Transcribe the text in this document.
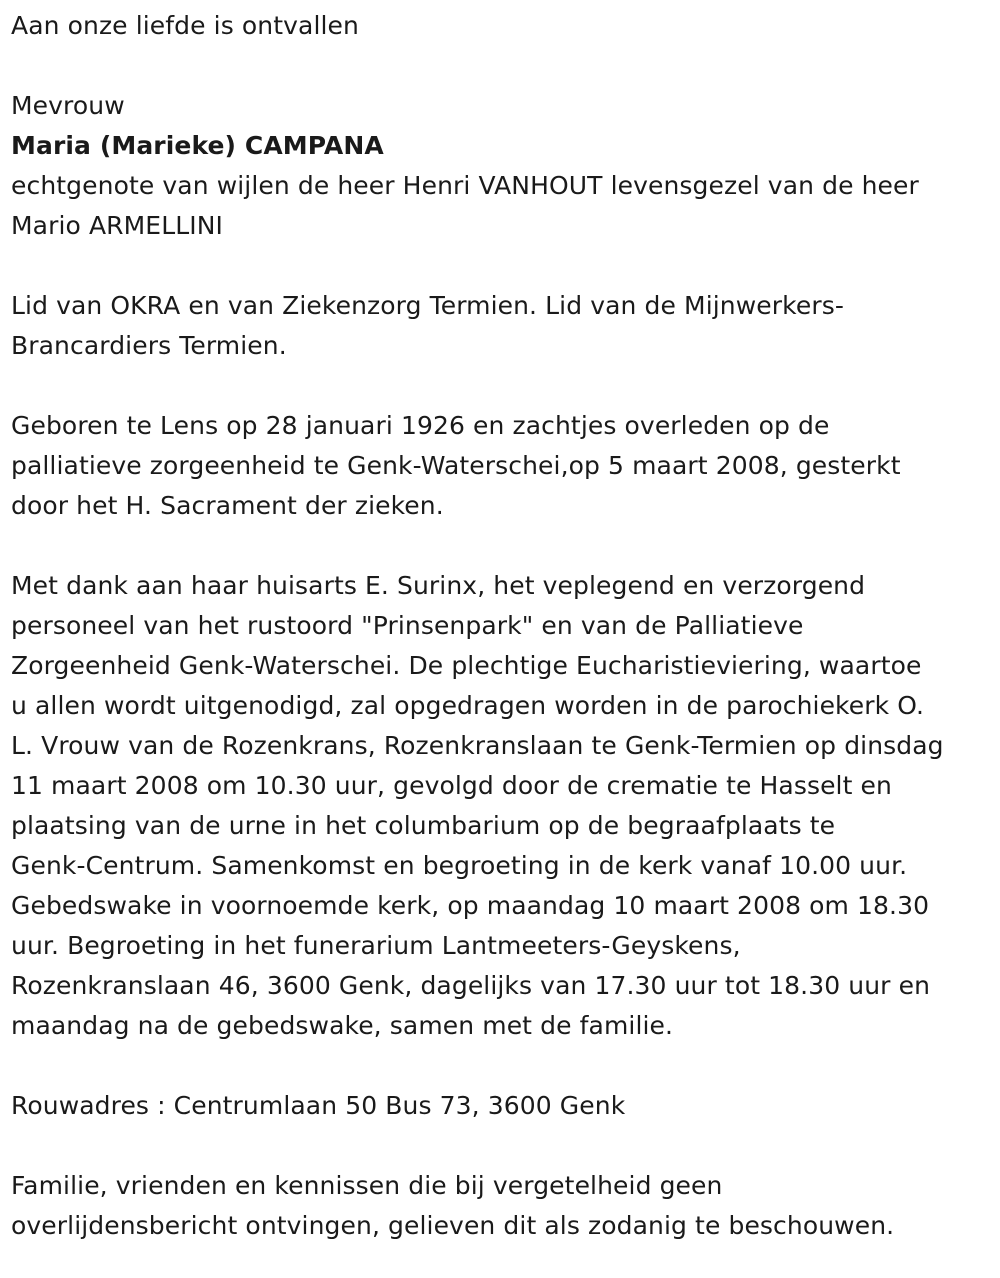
Aan onze liefde is ontvallen

Mevrouw

Maria (Marieke) CAMPANA

echtgenote van wijlen de heer Henri VANHOUT levensgezel van de heer
Mario ARMELLINI

Lid van OKRA en van Ziekenzorg Termien. Lid van de Mijnwerkers-
Brancardiers Termien.

Geboren te Lens op 28 januari 1926 en zachtjes overleden op de
palliatieve zorgeenheid te Genk-Waterschei,op 5 maart 2008, gesterkt
door het H. Sacrament der zieken.

Met dank aan haar huisarts E. Surinx, het veplegend en verzorgend
personeel van het rustoord "Prinsenpark" en van de Palliatieve
Zorgeenheid Genk-Waterschei. De plechtige Eucharistieviering, waartoe
u allen wordt uitgenodigd, zal opgedragen worden in de parochiekerk O.
L. Vrouw van de Rozenkrans, Rozenkranslaan te Genk-Termien op dinsdag
11 maart 2008 om 10.30 uur, gevolgd door de crematie te Hasselt en
plaatsing van de urne in het columbarium op de begraafplaats te
Genk-Centrum. Samenkomst en begroeting in de kerk vanaf 10.00 uur.
Gebedswake in voornoemde kerk, op maandag 10 maart 2008 om 18.30
uur. Begroeting in het funerarium Lantmeeters-Geyskens,
Rozenkranslaan 46, 3600 Genk, dagelijks van 17.30 uur tot 18.30 uur en
maandag na de gebedswake, samen met de familie.

Rouwadres : Centrumlaan 50 Bus 73, 3600 Genk

Familie, vrienden en kennissen die bij vergetelheid geen
overlijdensbericht ontvingen, gelieven dit als zodanig te beschouwen.
